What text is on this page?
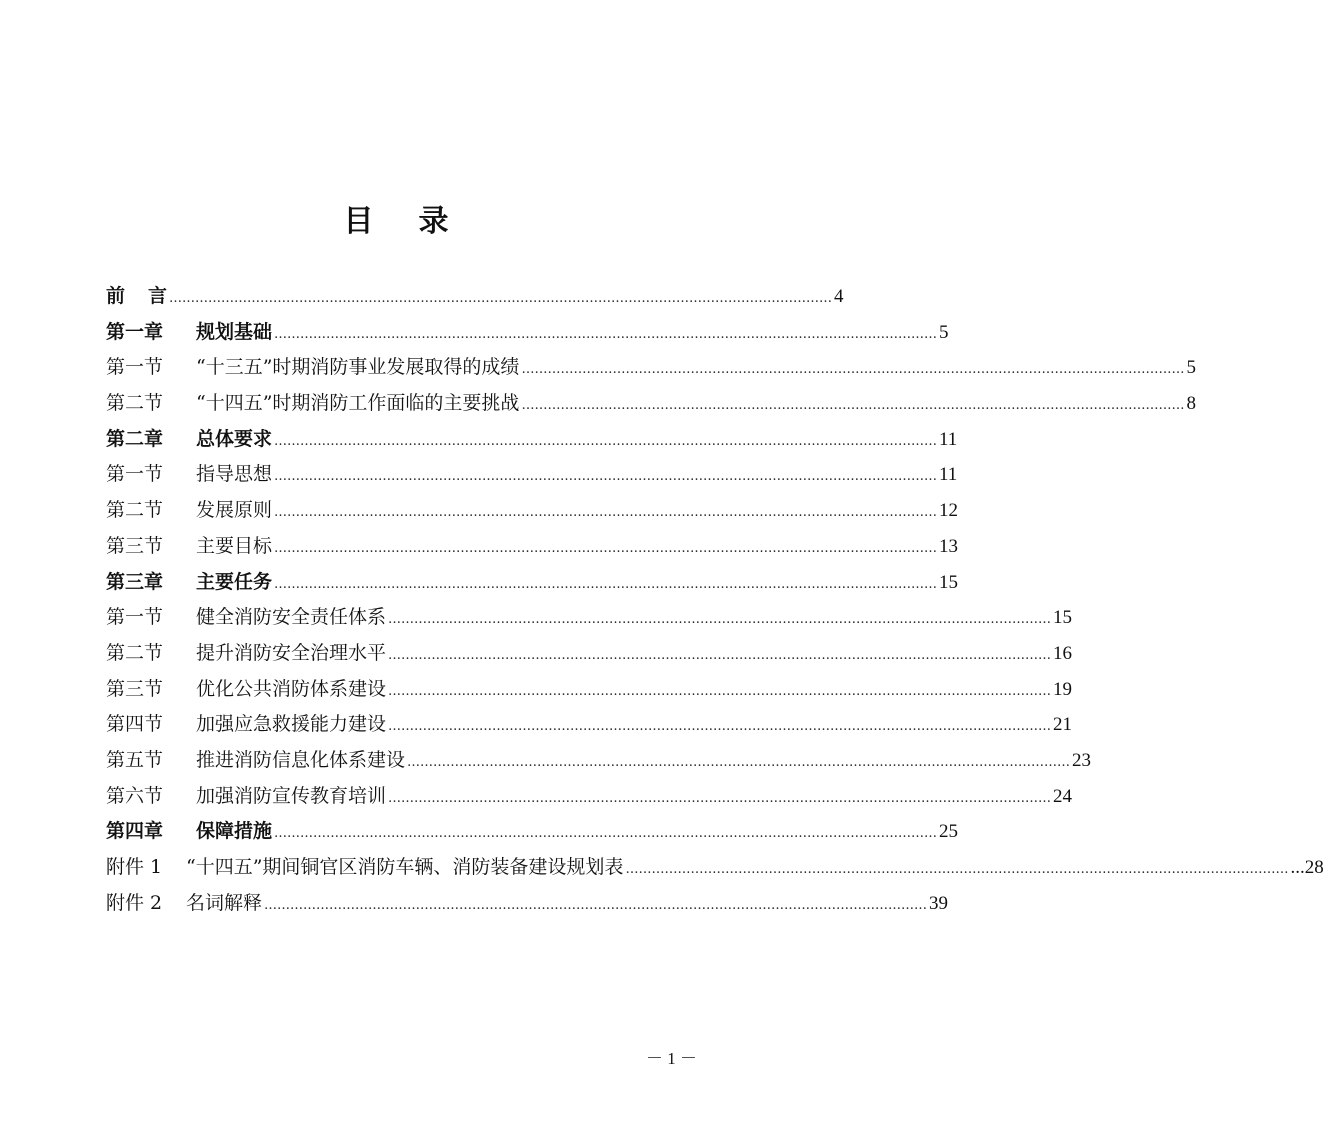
目 录
前 言 ……………………………………………………………………………………………………………………………………… 4
第一章 规划基础 ……………………………………………………………………………………………………………………………………… 5
第一节 “十三五”时期消防事业发展取得的成绩 ……………………………………………………………………………………………………………………………………… 5
第二节 “十四五”时期消防工作面临的主要挑战 ……………………………………………………………………………………………………………………………………… 8
第二章 总体要求 ……………………………………………………………………………………………………………………………………… 11
第一节 指导思想 ……………………………………………………………………………………………………………………………………… 11
第二节 发展原则 ……………………………………………………………………………………………………………………………………… 12
第三节 主要目标 ……………………………………………………………………………………………………………………………………… 13
第三章 主要任务 ……………………………………………………………………………………………………………………………………… 15
第一节 健全消防安全责任体系 ……………………………………………………………………………………………………………………………………… 15
第二节 提升消防安全治理水平 ……………………………………………………………………………………………………………………………………… 16
第三节 优化公共消防体系建设 ……………………………………………………………………………………………………………………………………… 19
第四节 加强应急救援能力建设 ……………………………………………………………………………………………………………………………………… 21
第五节 推进消防信息化体系建设 ……………………………………………………………………………………………………………………………………… 23
第六节 加强消防宣传教育培训 ……………………………………………………………………………………………………………………………………… 24
第四章 保障措施 ……………………………………………………………………………………………………………………………………… 25
附件 1 “十四五”期间铜官区消防车辆、消防装备建设规划表 ……………………………………………………………………………………………………………………………………… ...28
附件 2 名词解释 ……………………………………………………………………………………………………………………………………… 39
－ 1 －
